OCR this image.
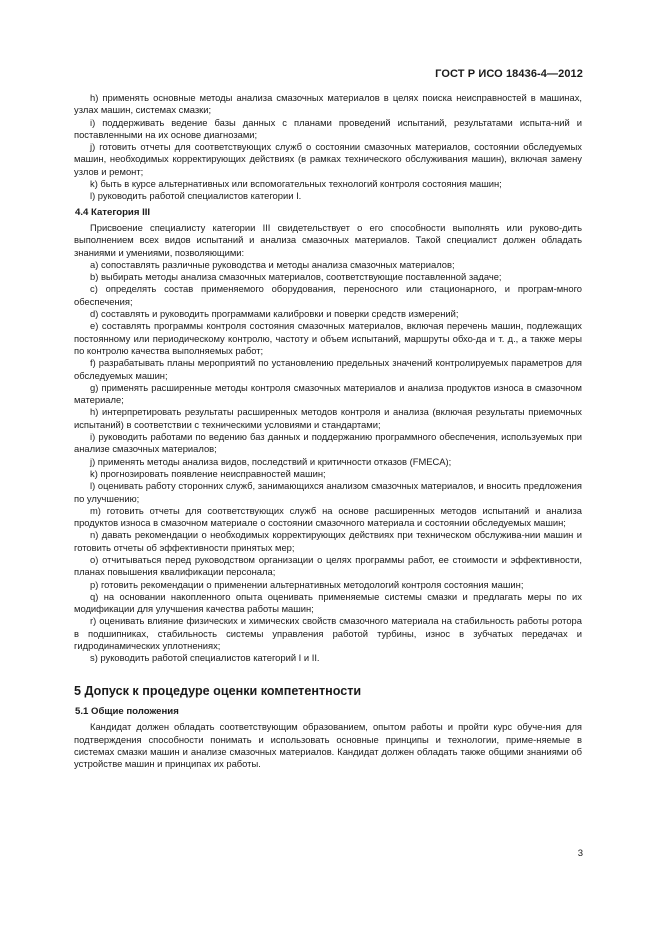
ГОСТ Р ИСО 18436-4—2012

h) применять основные методы анализа смазочных материалов в целях поиска неисправностей в машинах, узлах машин, системах смазки;

i) поддерживать ведение базы данных с планами проведений испытаний, результатами испыта-ний и поставленными на их основе диагнозами;

j) готовить отчеты для соответствующих служб о состоянии смазочных материалов, состоянии обследуемых машин, необходимых корректирующих действиях (в рамках технического обслуживания машин), включая замену узлов и ремонт;

k) быть в курсе альтернативных или вспомогательных технологий контроля состояния машин;

l) руководить работой специалистов категории I.

4.4 Категория III

Присвоение специалисту категории III свидетельствует о его способности выполнять или руково-дить выполнением всех видов испытаний и анализа смазочных материалов. Такой специалист должен обладать знаниями и умениями, позволяющими:

а) сопоставлять различные руководства и методы анализа смазочных материалов;

b) выбирать методы анализа смазочных материалов, соответствующие поставленной задаче;

c) определять состав применяемого оборудования, переносного или стационарного, и програм-много обеспечения;

d) составлять и руководить программами калибровки и поверки средств измерений;

e) составлять программы контроля состояния смазочных материалов, включая перечень машин, подлежащих постоянному или периодическому контролю, частоту и объем испытаний, маршруты обхо-да и т. д., а также меры по контролю качества выполняемых работ;

f) разрабатывать планы мероприятий по установлению предельных значений контролируемых параметров для обследуемых машин;

g) применять расширенные методы контроля смазочных материалов и анализа продуктов износа в смазочном материале;

h) интерпретировать результаты расширенных методов контроля и анализа (включая результаты приемочных испытаний) в соответствии с техническими условиями и стандартами;

i) руководить работами по ведению баз данных и поддержанию программного обеспечения, используемых при анализе смазочных материалов;

j) применять методы анализа видов, последствий и критичности отказов (FMECA);

k) прогнозировать появление неисправностей машин;

l) оценивать работу сторонних служб, занимающихся анализом смазочных материалов, и вносить предложения по улучшению;

m) готовить отчеты для соответствующих служб на основе расширенных методов испытаний и анализа продуктов износа в смазочном материале о состоянии смазочного материала и состоянии обследуемых машин;

n) давать рекомендации о необходимых корректирующих действиях при техническом обслужива-нии машин и готовить отчеты об эффективности принятых мер;

o) отчитываться перед руководством организации о целях программы работ, ее стоимости и эффективности, планах повышения квалификации персонала;

p) готовить рекомендации о применении альтернативных методологий контроля состояния машин;

q) на основании накопленного опыта оценивать применяемые системы смазки и предлагать меры по их модификации для улучшения качества работы машин;

r) оценивать влияние физических и химических свойств смазочного материала на стабильность работы ротора в подшипниках, стабильность системы управления работой турбины, износ в зубчатых передачах и гидродинамических уплотнениях;

s) руководить работой специалистов категорий I и II.

5 Допуск к процедуре оценки компетентности

5.1 Общие положения

Кандидат должен обладать соответствующим образованием, опытом работы и пройти курс обуче-ния для подтверждения способности понимать и использовать основные принципы и технологии, приме-няемые в системах смазки машин и анализе смазочных материалов. Кандидат должен обладать также общими знаниями об устройстве машин и принципах их работы.

3
